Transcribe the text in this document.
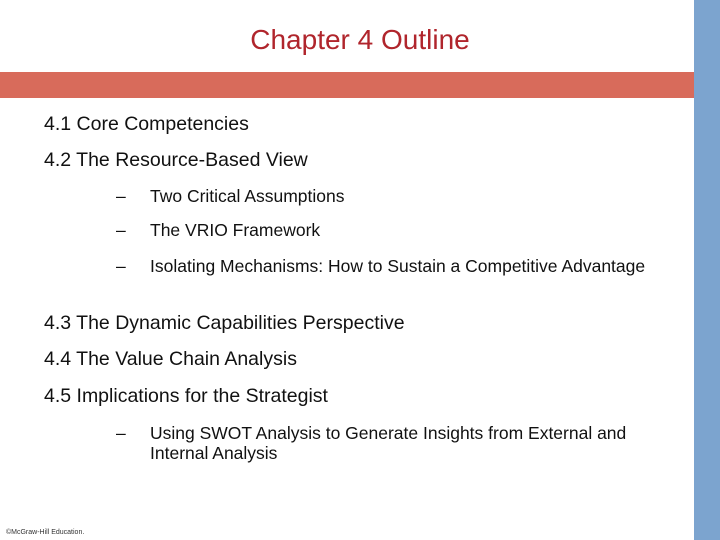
Chapter 4 Outline
4.1 Core Competencies
4.2 The Resource-Based View
–	Two Critical Assumptions
–	The VRIO Framework
–	Isolating Mechanisms: How to Sustain a Competitive Advantage
4.3 The Dynamic Capabilities Perspective
4.4 The Value Chain Analysis
4.5 Implications for the Strategist
–	Using SWOT Analysis to Generate Insights from External and Internal Analysis
©McGraw-Hill Education.
